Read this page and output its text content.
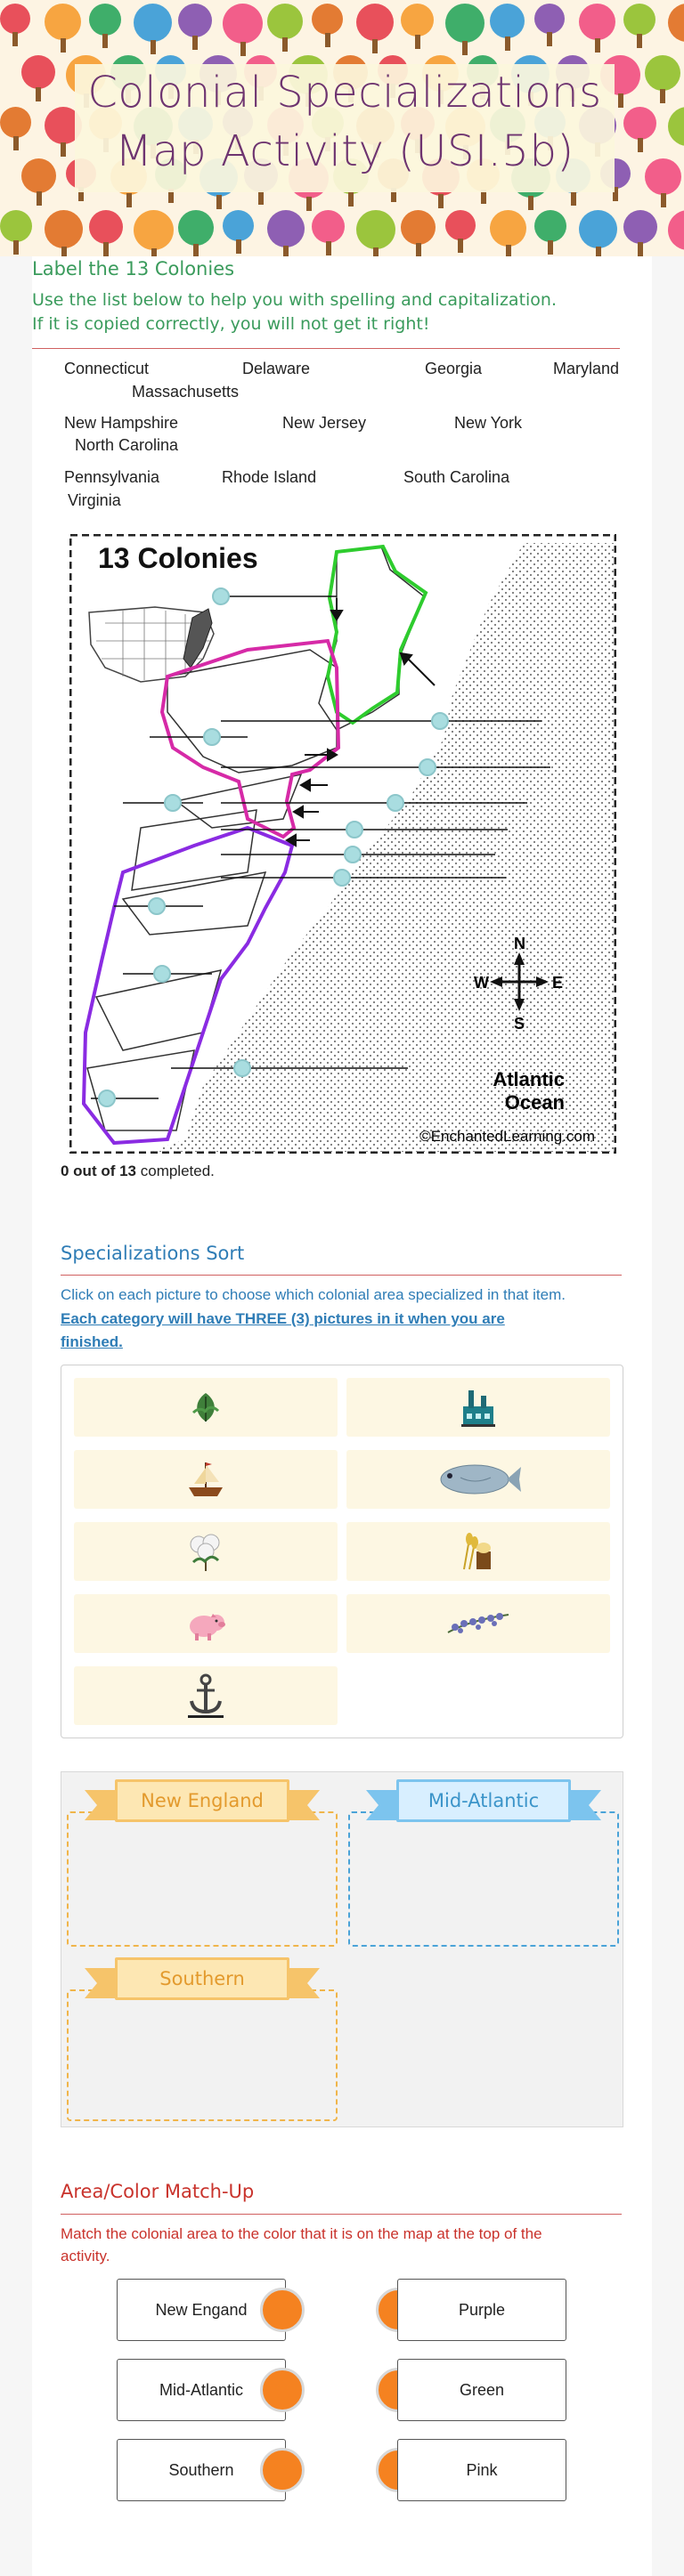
Colonial Specializations
Map Activity (USI.5b)
Label the 13 Colonies
Use the list below to help you with spelling and capitalization.
If it is copied correctly, you will not get it right!
Connecticut	Delaware	Georgia	Maryland
Massachusetts
New Hampshire	New Jersey	New York
North Carolina
Pennsylvania	Rhode Island	South Carolina
Virginia
13 Colonies
N
S
W	E
Atlantic
Ocean
©EnchantedLearning.com
0 out of 13 completed.
Specializations Sort
Click on each picture to choose which colonial area specialized in that item.
Each category will have THREE (3) pictures in it when you are
finished.
New England	Mid-Atlantic
Southern
Area/Color Match-Up
Match the colonial area to the color that it is on the map at the top of the
activity.
New Engand	Purple
Mid-Atlantic	Green
Southern	Pink
